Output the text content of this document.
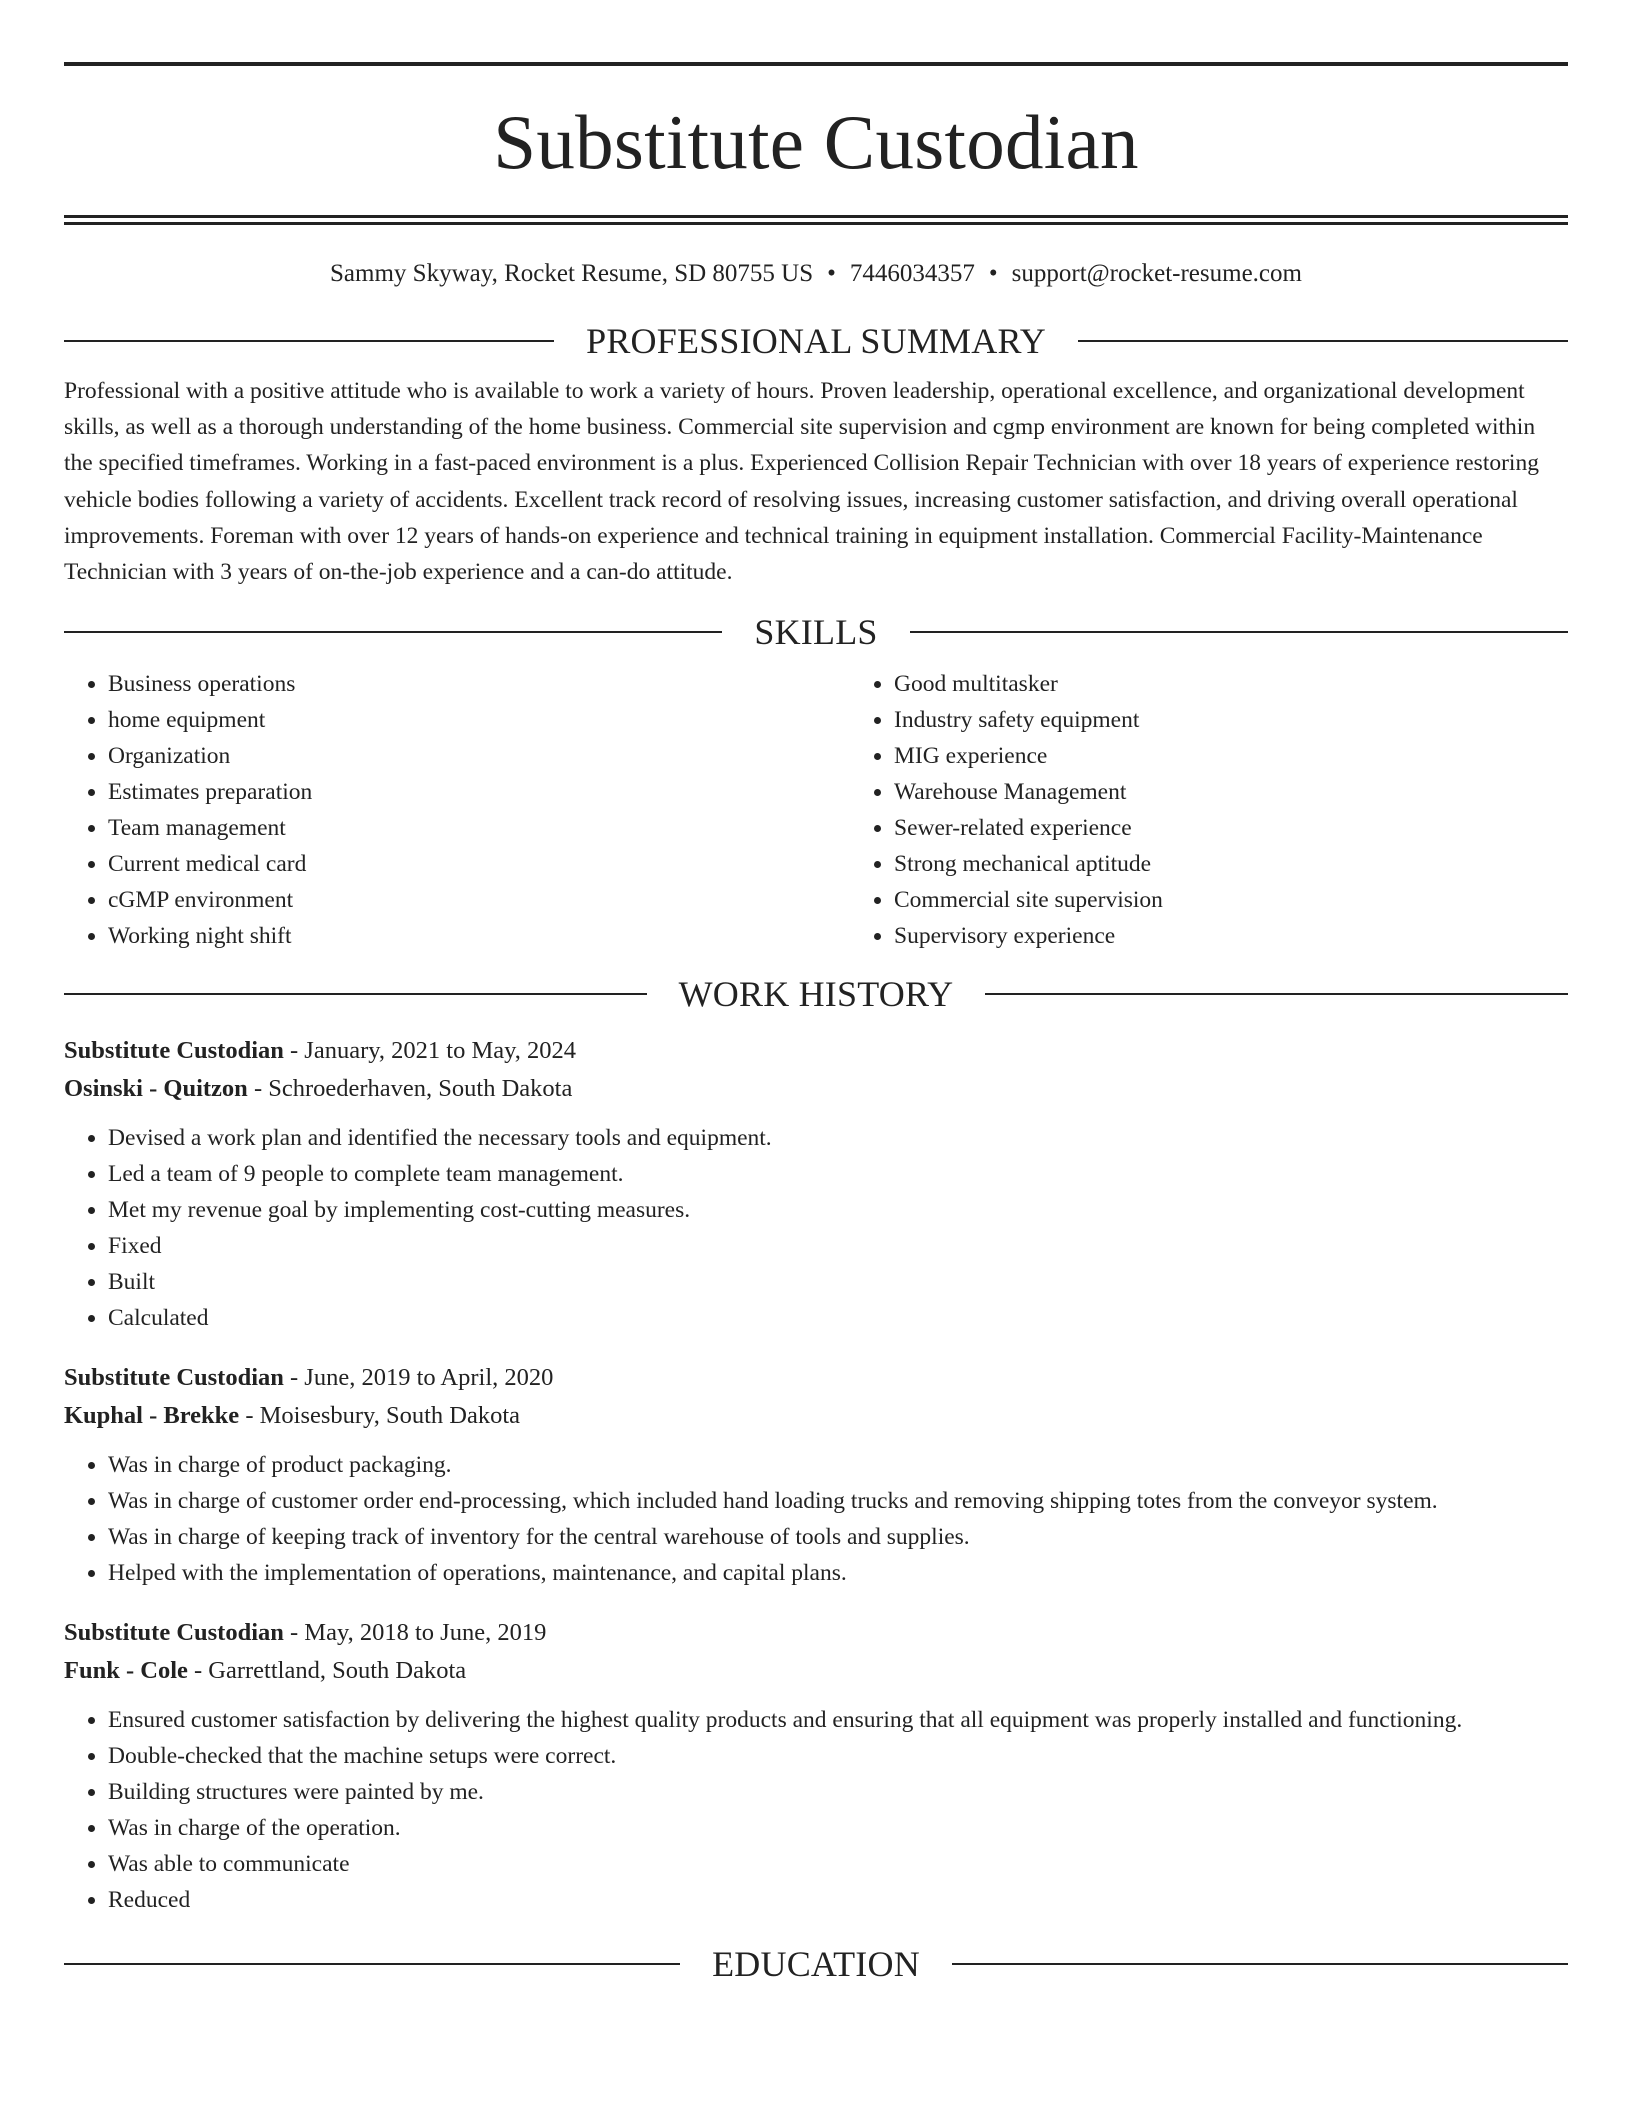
Substitute Custodian
Sammy Skyway, Rocket Resume, SD 80755 US • 7446034357 • support@rocket-resume.com
PROFESSIONAL SUMMARY

Professional with a positive attitude who is available to work a variety of hours. Proven leadership, operational excellence, and organizational development skills, as well as a thorough understanding of the home business. Commercial site supervision and cgmp environment are known for being completed within the specified timeframes. Working in a fast-paced environment is a plus. Experienced Collision Repair Technician with over 18 years of experience restoring vehicle bodies following a variety of accidents. Excellent track record of resolving issues, increasing customer satisfaction, and driving overall operational improvements. Foreman with over 12 years of hands-on experience and technical training in equipment installation. Commercial Facility-Maintenance Technician with 3 years of on-the-job experience and a can-do attitude.

SKILLS
• Business operations
• home equipment
• Organization
• Estimates preparation
• Team management
• Current medical card
• cGMP environment
• Working night shift
• Good multitasker
• Industry safety equipment
• MIG experience
• Warehouse Management
• Sewer-related experience
• Strong mechanical aptitude
• Commercial site supervision
• Supervisory experience
WORK HISTORY
Substitute Custodian - January, 2021 to May, 2024
Osinski - Quitzon - Schroederhaven, South Dakota
• Devised a work plan and identified the necessary tools and equipment.
• Led a team of 9 people to complete team management.
• Met my revenue goal by implementing cost-cutting measures.
• Fixed
• Built
• Calculated
Substitute Custodian - June, 2019 to April, 2020
Kuphal - Brekke - Moisesbury, South Dakota
• Was in charge of product packaging.
• Was in charge of customer order end-processing, which included hand loading trucks and removing shipping totes from the conveyor system.
• Was in charge of keeping track of inventory for the central warehouse of tools and supplies.
• Helped with the implementation of operations, maintenance, and capital plans.
Substitute Custodian - May, 2018 to June, 2019
Funk - Cole - Garrettland, South Dakota
• Ensured customer satisfaction by delivering the highest quality products and ensuring that all equipment was properly installed and functioning.
• Double-checked that the machine setups were correct.
• Building structures were painted by me.
• Was in charge of the operation.
• Was able to communicate
• Reduced
EDUCATION
